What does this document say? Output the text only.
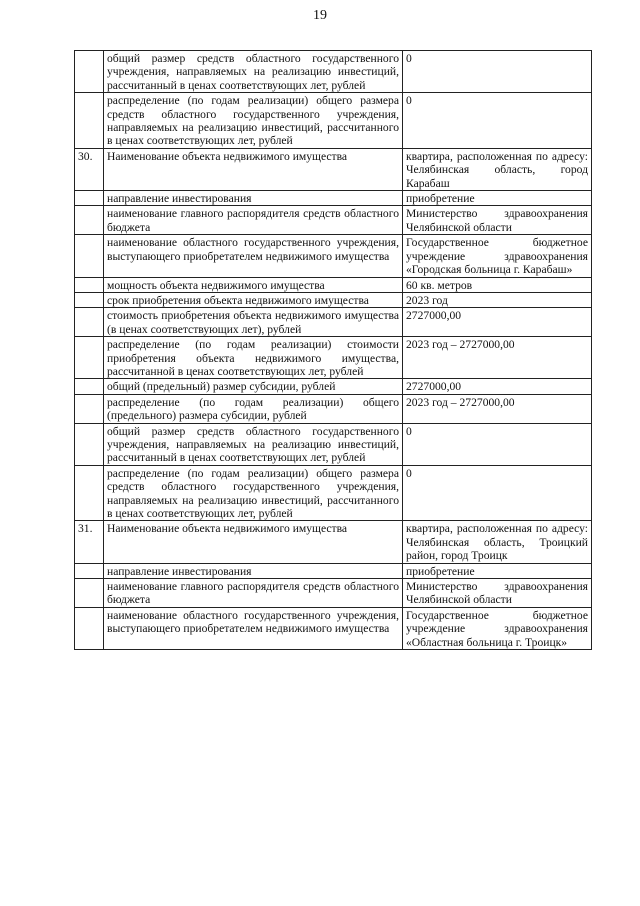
19

	общий размер средств областного государственного учреждения, направляемых на реализацию инвестиций, рассчитанный в ценах соответствующих лет, рублей	0

	распределение (по годам реализации) общего размера средств областного государственного учреждения, направляемых на реализацию инвестиций, рассчитанного в ценах соответствующих лет, рублей	0

30.	Наименование объекта недвижимого имущества	квартира, расположенная по адресу: Челябинская область, город Карабаш

	направление инвестирования	приобретение

	наименование главного распорядителя средств областного бюджета	Министерство здравоохранения Челябинской области

	наименование областного государственного учреждения, выступающего приобретателем недвижимого имущества	Государственное бюджетное учреждение здравоохранения «Городская больница г. Карабаш»

	мощность объекта недвижимого имущества	60 кв. метров

	срок приобретения объекта недвижимого имущества	2023 год

	стоимость приобретения объекта недвижимого имущества (в ценах соответствующих лет), рублей	2727000,00

	распределение (по годам реализации) стоимости приобретения объекта недвижимого имущества, рассчитанной в ценах соответствующих лет, рублей	2023 год – 2727000,00

	общий (предельный) размер субсидии, рублей	2727000,00

	распределение (по годам реализации) общего (предельного) размера субсидии, рублей	2023 год – 2727000,00

	общий размер средств областного государственного учреждения, направляемых на реализацию инвестиций, рассчитанный в ценах соответствующих лет, рублей	0

	распределение (по годам реализации) общего размера средств областного государственного учреждения, направляемых на реализацию инвестиций, рассчитанного в ценах соответствующих лет, рублей	0

31.	Наименование объекта недвижимого имущества	квартира, расположенная по адресу: Челябинская область, Троицкий район, город Троицк

	направление инвестирования	приобретение

	наименование главного распорядителя средств областного бюджета	Министерство здравоохранения Челябинской области

	наименование областного государственного учреждения, выступающего приобретателем недвижимого имущества	Государственное бюджетное учреждение здравоохранения «Областная больница г. Троицк»
